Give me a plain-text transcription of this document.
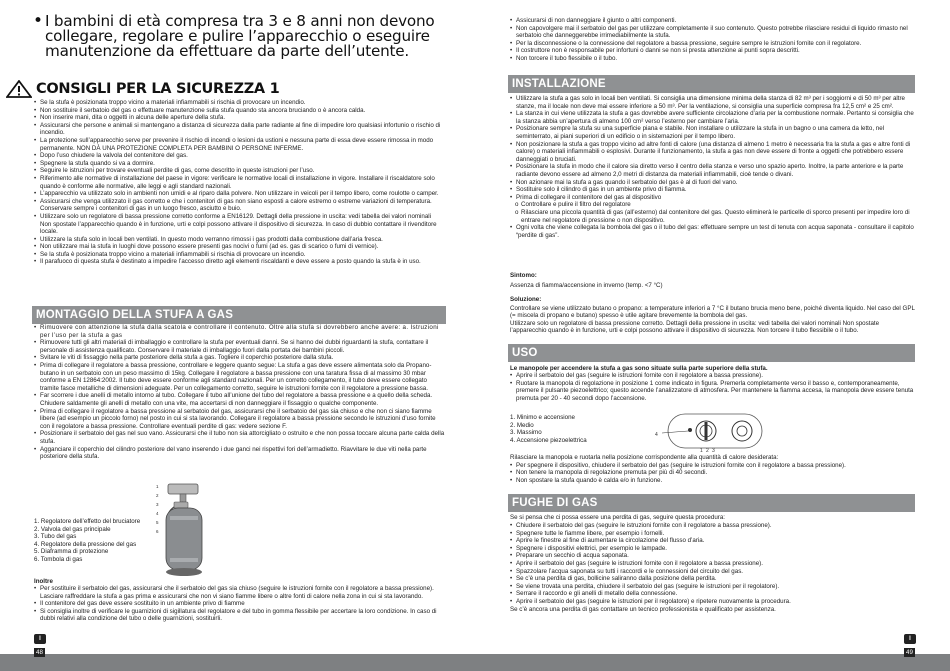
• I bambini di età compresa tra 3 e 8 anni non devono collegare, regolare e pulire l’apparecchio o eseguire manutenzione da effettuare da parte dell’utente.
CONSIGLI PER LA SICUREZZA 1
• Se la stufa è posizionata troppo vicino a materiali infiammabili si rischia di provocare un incendio.
• Non sostituire il serbatoio del gas o effettuare manutenzione sulla stufa quando sta ancora bruciando o è ancora calda.
• Non inserire mani, dita o oggetti in alcuna delle aperture della stufa.
• Assicurarsi che persone e animali si mantengano a distanza di sicurezza dalla parte radiante al fine di impedire loro qualsiasi infortunio o rischio di incendio.
• La protezione sull’apparecchio serve per prevenire il rischio di incendi o lesioni da ustioni e nessuna parte di essa deve essere rimossa in modo permanente. NON DÀ UNA PROTEZIONE COMPLETA PER BAMBINI O PERSONE INFERME.
• Dopo l’uso chiudere la valvola del contenitore del gas.
• Spegnere la stufa quando si va a dormire.
• Seguire le istruzioni per trovare eventuali perdite di gas, come descritto in queste istruzioni per l’uso.
• Riferimento alle normative di installazione del paese in vigore: verificare le normative locali di installazione in vigore. Installare il riscaldatore solo quando è conforme alle normative, alle leggi e agli standard nazionali.
• L’apparecchio va utilizzato solo in ambienti non umidi e al riparo dalla polvere. Non utilizzare in veicoli per il tempo libero, come roulotte o camper.
• Assicurarsi che venga utilizzato il gas corretto e che i contenitori di gas non siano esposti a calore estremo o estreme variazioni di temperatura. Conservare sempre i contenitori di gas in un luogo fresco, asciutto e buio.
• Utilizzare solo un regolatore di bassa pressione corretto conforme a EN16129. Dettagli della pressione in uscita: vedi tabella dei valori nominali Non spostate l’apparecchio quando è in funzione, urti e colpi possono attivare il dispositivo di sicurezza. In caso di dubbio contattare il rivenditore locale.
• Utilizzare la stufa solo in locali ben ventilati. In questo modo verranno rimossi i gas prodotti dalla combustione dall’aria fresca.
• Non utilizzare mai la stufa in luoghi dove possono essere presenti gas nocivi o fumi (ad es. gas di scarico o fumi di vernice).
• Se la stufa è posizionata troppo vicino a materiali infiammabili si rischia di provocare un incendio.
• Il parafuoco di questa stufa è destinato a impedire l’accesso diretto agli elementi riscaldanti e deve essere a posto quando la stufa è in uso.
MONTAGGIO DELLA STUFA A GAS
• Rimuovere con attenzione la stufa dalla scatola e controllare il contenuto. Oltre alla stufa si dovrebbero anche avere: a. Istruzioni per l’uso per la stufa a gas
• Rimuovere tutti gli altri materiali di imballaggio e controllare la stufa per eventuali danni. Se si hanno dei dubbi riguardanti la stufa, contattare il personale di assistenza qualificato. Conservare il materiale di imballaggio fuori dalla portata dei bambini piccoli.
• Svitare le viti di fissaggio nella parte posteriore della stufa a gas. Togliere il coperchio posteriore dalla stufa.
• Prima di collegare il regolatore a bassa pressione, controllare e leggere quanto segue: La stufa a gas deve essere alimentata solo da Propano-butano in un serbatoio con un peso massimo di 15kg. Collegare il regolatore a bassa pressione con una taratura fissa di al massimo 30 mbar conforme a EN 12864:2002. Il tubo deve essere conforme agli standard nazionali. Per un corretto collegamento, il tubo deve essere collegato tramite fasce metalliche di dimensioni adeguate. Per un collegamento corretto, seguire le istruzioni fornite con il regolatore a pressione bassa.
• Far scorrere i due anelli di metallo intorno al tubo. Collegare il tubo all’unione del tubo del regolatore a bassa pressione e a quello della scheda. Chiudere saldamente gli anelli di metallo con una vite, ma accertarsi di non danneggiare il fissaggio o qualche componente.
• Prima di collegare il regolatore a bassa pressione al serbatoio del gas, assicurarsi che il serbatoio del gas sia chiuso e che non ci siano fiamme libere (ad esempio un piccolo fornο) nel posto in cui si sta lavorando. Collegare il regolatore a bassa pressione secondo le istruzioni d’uso fornite con il regolatore a bassa pressione. Controllare eventuali perdite di gas: vedere sezione F.
• Posizionare il serbatoio del gas nel suo vano. Assicurarsi che il tubo non sia attorcigliato o ostruito e che non possa toccare alcuna parte calda della stufa.
• Agganciare il coperchio del cilindro posteriore del vano inserendo i due ganci nei rispettivi fori dell’armadietto. Riavvitare le due viti nella parte posteriore della stufa.
1. Regolatore dell’effetto del bruciatore
2. Valvola del gas principale
3. Tubo del gas
4. Regolatore della pressione del gas
5. Diaframma di protezione
6. Tombola di gas
1
2
3
4
5
6
Inoltre
• Per sostituire il serbatoio del gas, assicurarsi che il serbatoio del gas sia chiuso (seguire le istruzioni fornite con il regolatore a bassa pressione). Lasciare raffreddare la stufa a gas prima e assicurarsi che non vi siano fiamme libere o altre fonti di calore nella zona in cui si sta lavorando.
• Il contenitore del gas deve essere sostituito in un ambiente privo di fiamme
• Si consiglia inoltre di verificare le guarnizioni di sigillatura del regolatore e del tubo in gomma flessibile per accertare la loro condizione. In caso di dubbi relativi alla condizione del tubo o delle guarnizioni, sostituirli.
• Assicurarsi di non danneggiare il giunto o altri componenti.
• Non capovolgere mai il serbatoio del gas per utilizzare completamente il suo contenuto. Questo potrebbe rilasciare residui di liquido rimasto nel serbatoio che danneggerebbe irrimediabilmente la stufa.
• Per la disconnessione o la connessione del regolatore a bassa pressione, seguire sempre le istruzioni fornite con il regolatore.
• Il costruttore non è responsabile per infortuni o danni se non si presta attenzione ai punti sopra descritti.
• Non torcere il tubo flessibile o il tubo.
INSTALLAZIONE
• Utilizzare la stufa a gas solo in locali ben ventilati. Si consiglia una dimensione minima della stanza di 82 m³ per i soggiorni e di 50 m³ per altre stanze, ma il locale non deve mai essere inferiore a 50 m³. Per la ventilazione, si consiglia una superficie compresa fra 12,5 cm² e 25 cm².
• La stanza in cui viene utilizzata la stufa a gas dovrebbe avere sufficiente circolazione d’aria per la combustione normale. Pertanto si consiglia che la stanza abbia un’apertura di almeno 100 cm² verso l’esterno per cambiare l’aria.
• Posizionare sempre la stufa su una superficie piana e stabile. Non installare o utilizzare la stufa in un bagno o una camera da letto, nel seminterrato, ai piani superiori di un edificio o in sistemazioni per il tempo libero.
• Non posizionare la stufa a gas troppo vicino ad altre fonti di calore (una distanza di almeno 1 metro è necessaria fra la stufa a gas e altre fonti di calore) o materiali infiammabili o esplosivi. Durante il funzionamento, la stufa a gas non deve essere di fronte a oggetti che potrebbero essere danneggiati o bruciati.
• Posizionare la stufa in modo che il calore sia diretto verso il centro della stanza e verso uno spazio aperto. Inoltre, la parte anteriore e la parte radiante devono essere ad almeno 2,0 metri di distanza da materiali infiammabili, cioè tende o divani.
• Non azionare mai la stufa a gas quando il serbatoio del gas è al di fuori del vano.
• Sostituire solo il cilindro di gas in un ambiente privo di fiamma.
• Prima di collegare il contenitore del gas al dispositivo
o Controllare e pulire il filtro del regolatore
o Rilasciare una piccola quantità di gas (all’esterno) dal contenitore del gas. Questo eliminerà le particelle di sporco presenti per impedire loro di entrare nel regolatore di pressione o non dispositivo.
• Ogni volta che viene collegata la bombola del gas o il tubo del gas: effettuare sempre un test di tenuta con acqua saponata - consultare il capitolo “perdite di gas”.
Sintomo:
Assenza di fiamma/accensione in inverno (temp. <7 °C)
Soluzione:
Controllare se viene utilizzato butano o propano: a temperature inferiori a 7 °C il butano brucia meno bene, poiché diventa liquido. Nel caso del GPL (= miscela di propano e butano) spesso è utile agitare brevemente la bombola del gas.
Utilizzare solo un regolatore di bassa pressione corretto. Dettagli della pressione in uscita: vedi tabella dei valori nominali Non spostate l’apparecchio quando è in funzione, urti e colpi possono attivare il dispositivo di sicurezza. Non torcere il tubo flessibile o il tubo.
USO
Le manopole per accendere la stufa a gas sono situate sulla parte superiore della stufa.
• Aprire il serbatoio del gas (seguire le istruzioni fornite con il regolatore a bassa pressione).
• Ruotare la manopola di regolazione in posizione 1 come indicato in figura. Premerla completamente verso il basso e, contemporaneamente, premere il pulsante piezoelettrico; questo accende l’analizzatore di atmosfera. Per mantenere la fiamma accesa, la manopola deve essere tenuta premuta per 20 - 40 secondi dopo l’accensione.
1. Minimo e accensione
2. Medio
3. Massimo
4. Accensione piezoelettrica
4
1 2 3
Rilasciare la manopola e ruotarla nella posizione corrispondente alla quantità di calore desiderata:
• Per spegnere il dispositivo, chiudere il serbatoio del gas (seguire le istruzioni fornite con il regolatore a bassa pressione).
• Non tenere la manopola di regolazione premuta per più di 40 secondi.
• Non spostare la stufa quando è calda e/o in funzione.
FUGHE DI GAS
Se si pensa che ci possa essere una perdita di gas, seguire questa procedura:
• Chiudere il serbatoio del gas (seguire le istruzioni fornite con il regolatore a bassa pressione).
• Spegnere tutte le fiamme libere, per esempio i fornelli.
• Aprire le finestre al fine di aumentare la circolazione del flusso d’aria.
• Spegnere i dispositivi elettrici, per esempio le lampade.
• Preparare un secchio di acqua saponata.
• Aprire il serbatoio del gas (seguire le istruzioni fornite con il regolatore a bassa pressione).
• Spazzolare l’acqua saponata su tutti i raccordi e le connessioni del circuito del gas.
• Se c’è una perdita di gas, bollicine saliranno dalla posizione della perdita.
• Se viene trovata una perdita, chiudere il serbatoio del gas (seguire le istruzioni per il regolatore).
• Serrare il raccordo e gli anelli di metallo della connessione.
• Aprire il serbatoio del gas (seguire le istruzioni per il regolatore) e ripetere nuovamente la procedura.
Se c’è ancora una perdita di gas contattare un tecnico professionista e qualificato per assistenza.
I
48
I
49
